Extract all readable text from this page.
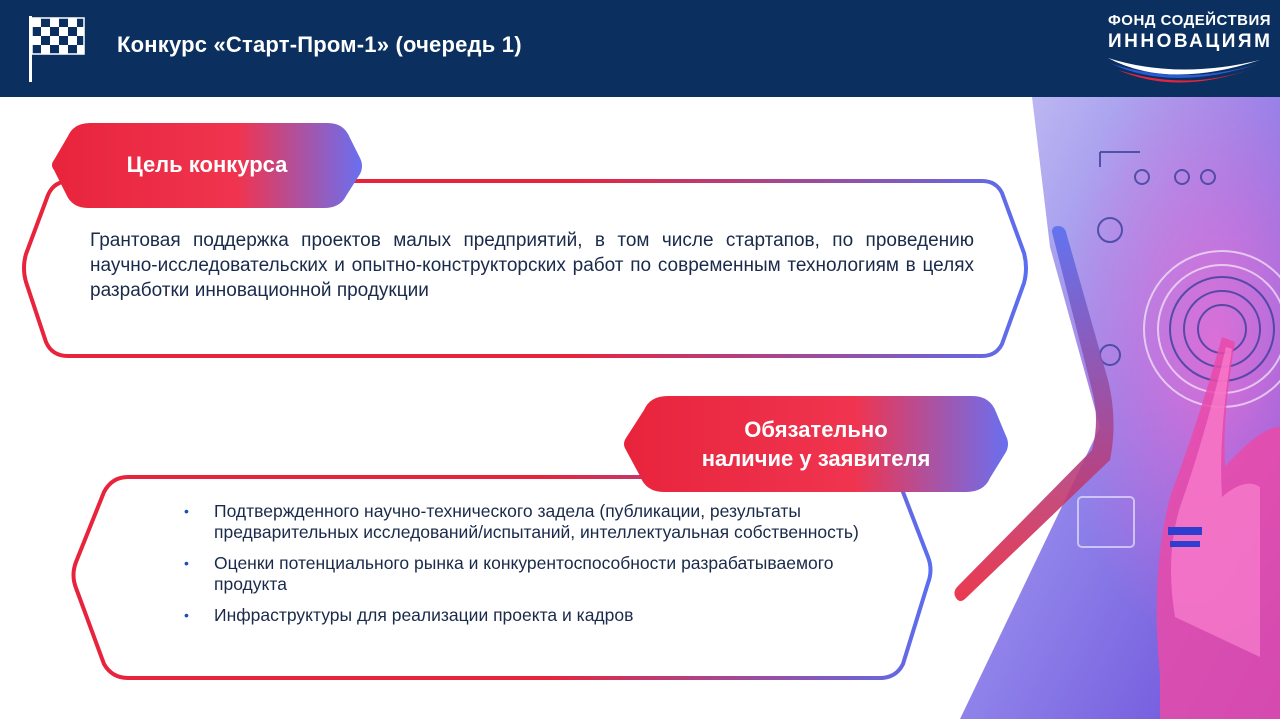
Конкурс «Старт-Пром-1» (очередь 1)
ФОНД СОДЕЙСТВИЯ
ИННОВАЦИЯМ
Цель конкурса
Обязательно
наличие у заявителя
Грантовая поддержка проектов малых предприятий, в том числе стартапов, по проведению научно-исследовательских и опытно-конструкторских работ по современным технологиям в целях разработки инновационной продукции
• Подтвержденного научно-технического задела (публикации, результаты предварительных исследований/испытаний, интеллектуальная собственность)
• Оценки потенциального рынка и конкурентоспособности разрабатываемого продукта
• Инфраструктуры для реализации проекта и кадров
